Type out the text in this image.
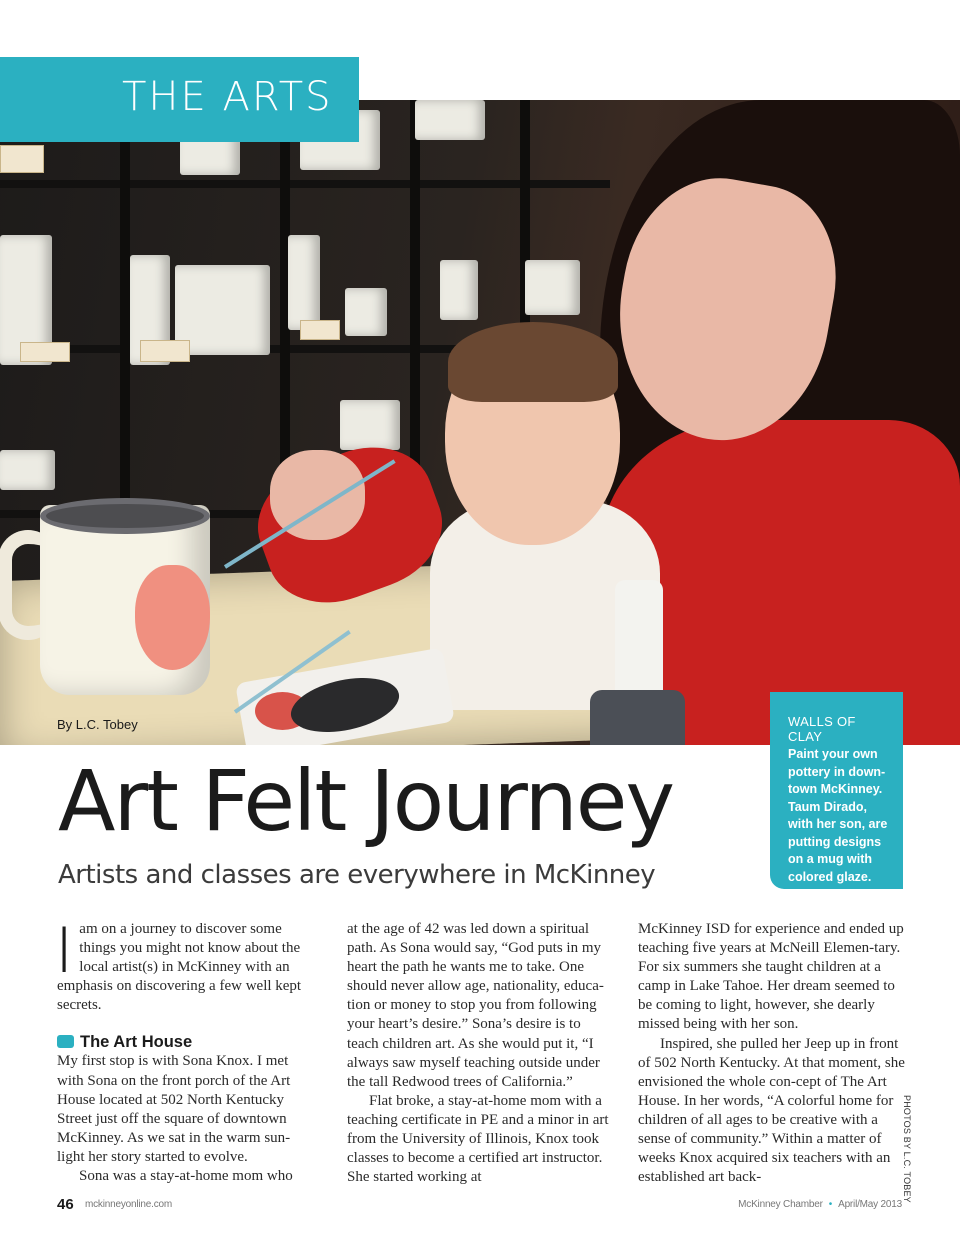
THE ARTS
By L.C. Tobey	WALLS OF CLAY
Paint your own pottery in down-town McKinney. Taum Dirado, with her son, are putting designs on a mug with colored glaze.
Art Felt Journey
Artists and classes are everywhere in McKinney

I am on a journey to discover some things you might not know about the local artist(s) in McKinney with an emphasis on discovering a few well kept secrets.

The Art House

My first stop is with Sona Knox. I met with Sona on the front porch of the Art House located at 502 North Kentucky Street just off the square of downtown McKinney. As we sat in the warm sun-light her story started to evolve.

Sona was a stay-at-home mom who

at the age of 42 was led down a spiritual path. As Sona would say, “God puts in my heart the path he wants me to take. One should never allow age, nationality, educa-tion or money to stop you from following your heart’s desire.” Sona’s desire is to teach children art. As she would put it, “I always saw myself teaching outside under the tall Redwood trees of California.”

Flat broke, a stay-at-home mom with a teaching certificate in PE and a minor in art from the University of Illinois, Knox took classes to become a certified art instructor. She started working at

McKinney ISD for experience and ended up teaching five years at McNeill Elemen-tary. For six summers she taught children at a camp in Lake Tahoe. Her dream seemed to be coming to light, however, she dearly missed being with her son.

Inspired, she pulled her Jeep up in front of 502 North Kentucky. At that moment, she envisioned the whole con-cept of The Art House. In her words, “A colorful home for children of all ages to be creative with a sense of community.” Within a matter of weeks Knox acquired six teachers with an established art back-	PHOTOS BY L.C. TOBEY
46 mckinneyonline.com	McKinney Chamber • April/May 2013
